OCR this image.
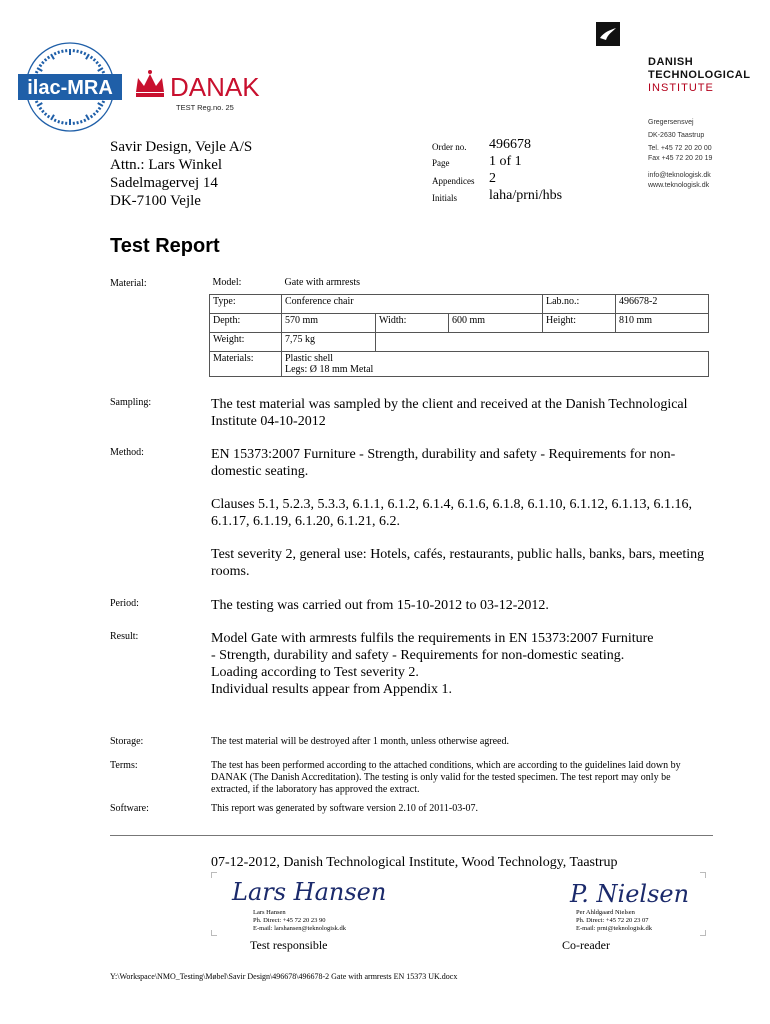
ilac-MRA DANAK
TEST Reg.no. 25
DANISH
TECHNOLOGICAL
INSTITUTE
Gregersensvej
DK-2630 Taastrup
Tel. +45 72 20 20 00
Fax +45 72 20 20 19
info@teknologisk.dk
www.teknologisk.dk
Savir Design, Vejle A/S
Attn.: Lars Winkel
Sadelmagervej 14
DK-7100 Vejle
Order no. 496678
Page	1 of 1
Appendices 2
Initials laha/prni/hbs
Test Report
Material:	Model:	Gate with armrests				
Type:	Conference chair			Lab.no.:	496678-2
Depth:	570 mm	Width:	600 mm	Height:	810 mm
Weight:	7,75 kg				
Materials:	Plastic shell
Legs: Ø 18 mm Metal				
Sampling:	The test material was sampled by the client and received at the Danish Technological Institute 04-10-2012
Method:	EN 15373:2007 Furniture - Strength, durability and safety - Requirements for non-domestic seating.
Clauses 5.1, 5.2.3, 5.3.3, 6.1.1, 6.1.2, 6.1.4, 6.1.6, 6.1.8, 6.1.10, 6.1.12, 6.1.13, 6.1.16, 6.1.17, 6.1.19, 6.1.20, 6.1.21, 6.2.
Test severity 2, general use: Hotels, cafés, restaurants, public halls, banks, bars, meeting rooms.
Period:	The testing was carried out from 15-10-2012 to 03-12-2012.
Result:	Model Gate with armrests fulfils the requirements in EN 15373:2007 Furniture
- Strength, durability and safety - Requirements for non-domestic seating.
Loading according to Test severity 2.
Individual results appear from Appendix 1.
Storage:	The test material will be destroyed after 1 month, unless otherwise agreed.
Terms:	The test has been performed according to the attached conditions, which are according to the guidelines laid down by DANAK (The Danish Accreditation). The testing is only valid for the tested specimen. The test report may only be extracted, if the laboratory has approved the extract.
Software:	This report was generated by software version 2.10 of 2011-03-07.
07-12-2012, Danish Technological Institute, Wood Technology, Taastrup
Lars Hansen
Lars Hansen
Ph. Direct: +45 72 20 23 90
E-mail: larshansen@teknologisk.dk
Test responsible
P. Nielsen
Per Ahldgaard Nielsen
Ph. Direct: +45 72 20 23 07
E-mail: prni@teknologisk.dk
Co-reader
Y:\Workspace\NMO_Testing\Møbel\Savir Design\496678\496678-2 Gate with armrests EN 15373 UK.docx
